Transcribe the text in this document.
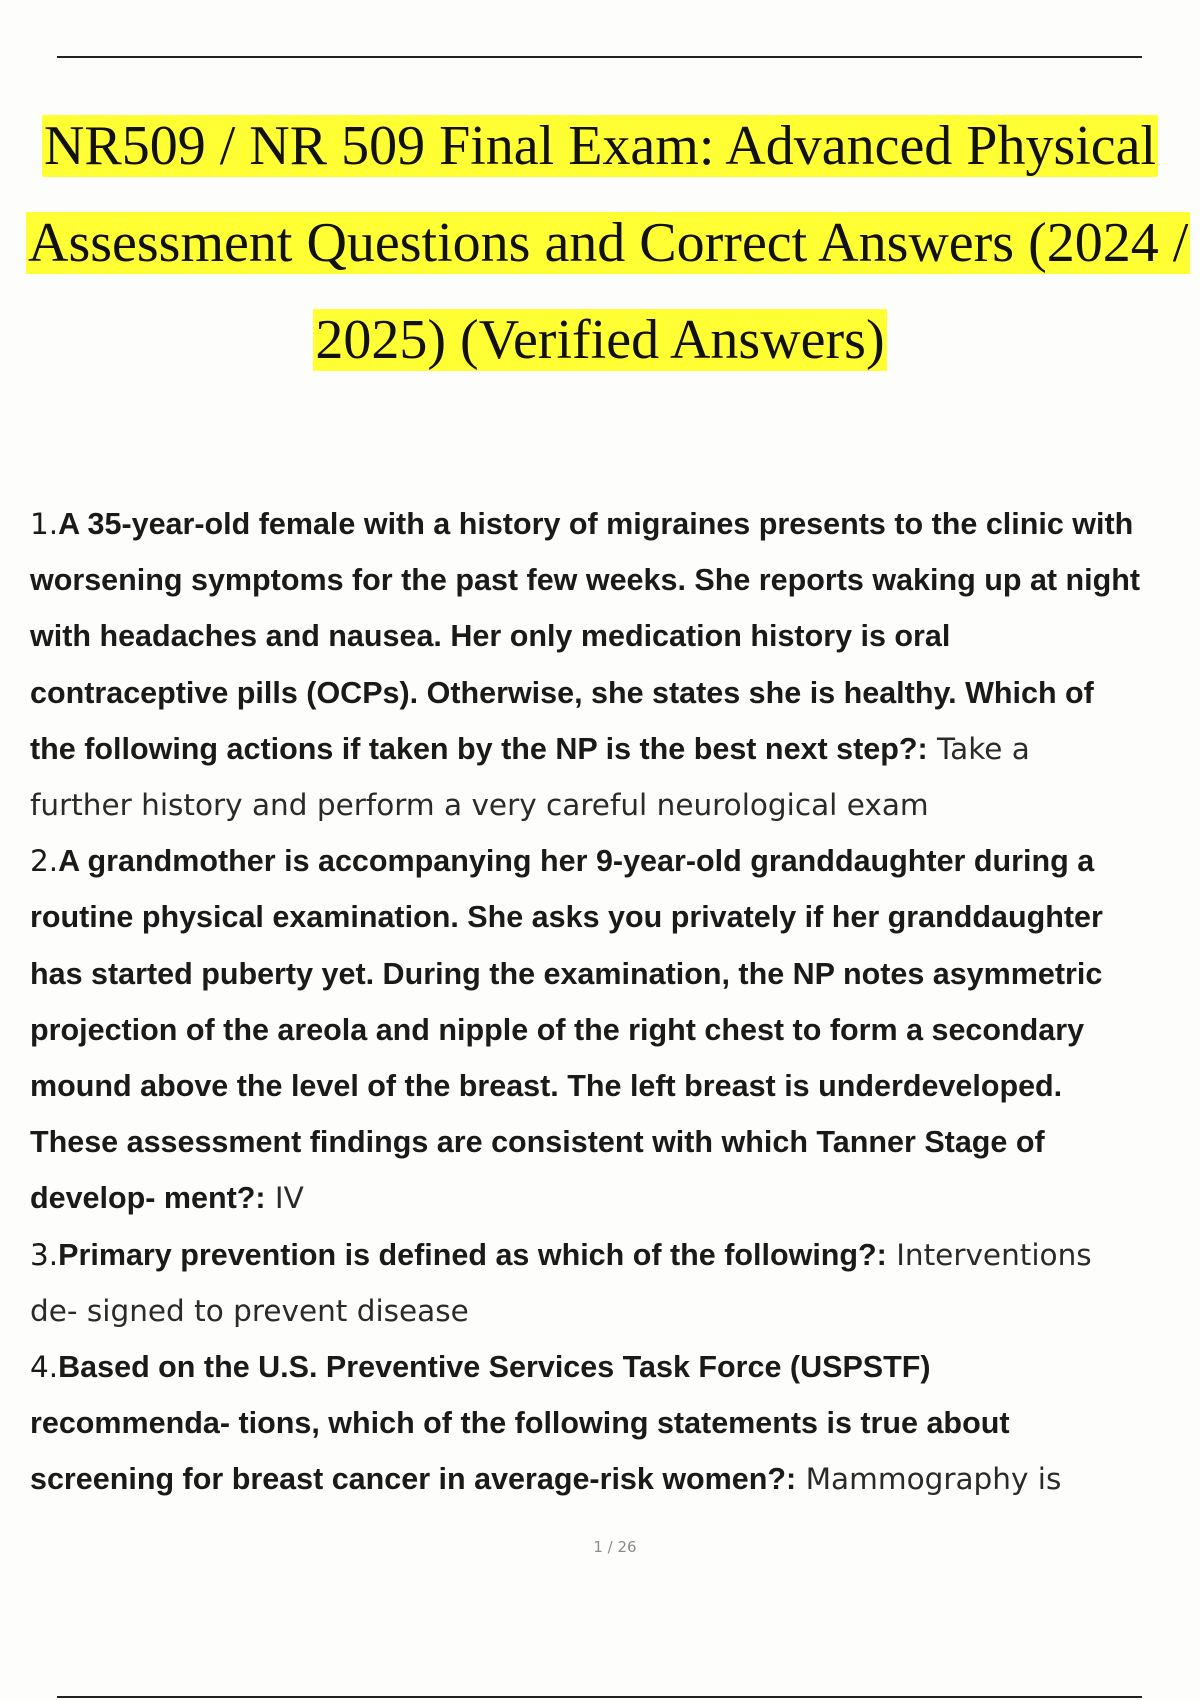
NR509 / NR 509 Final Exam: Advanced Physical
Assessment Questions and Correct Answers (2024 /
2025) (Verified Answers)
1.A 35-year-old female with a history of migraines presents to the clinic with
worsening symptoms for the past few weeks. She reports waking up at night
with headaches and nausea. Her only medication history is oral
contraceptive pills (OCPs). Otherwise, she states she is healthy. Which of
the following actions if taken by the NP is the best next step?: Take a
further history and perform a very careful neurological exam
2.A grandmother is accompanying her 9-year-old granddaughter during a
routine physical examination. She asks you privately if her granddaughter
has started puberty yet. During the examination, the NP notes asymmetric
projection of the areola and nipple of the right chest to form a secondary
mound above the level of the breast. The left breast is underdeveloped.
These assessment findings are consistent with which Tanner Stage of
develop- ment?: IV
3.Primary prevention is defined as which of the following?: Interventions
de- signed to prevent disease
4.Based on the U.S. Preventive Services Task Force (USPSTF)
recommenda- tions, which of the following statements is true about
screening for breast cancer in average-risk women?: Mammography is
1 / 26
